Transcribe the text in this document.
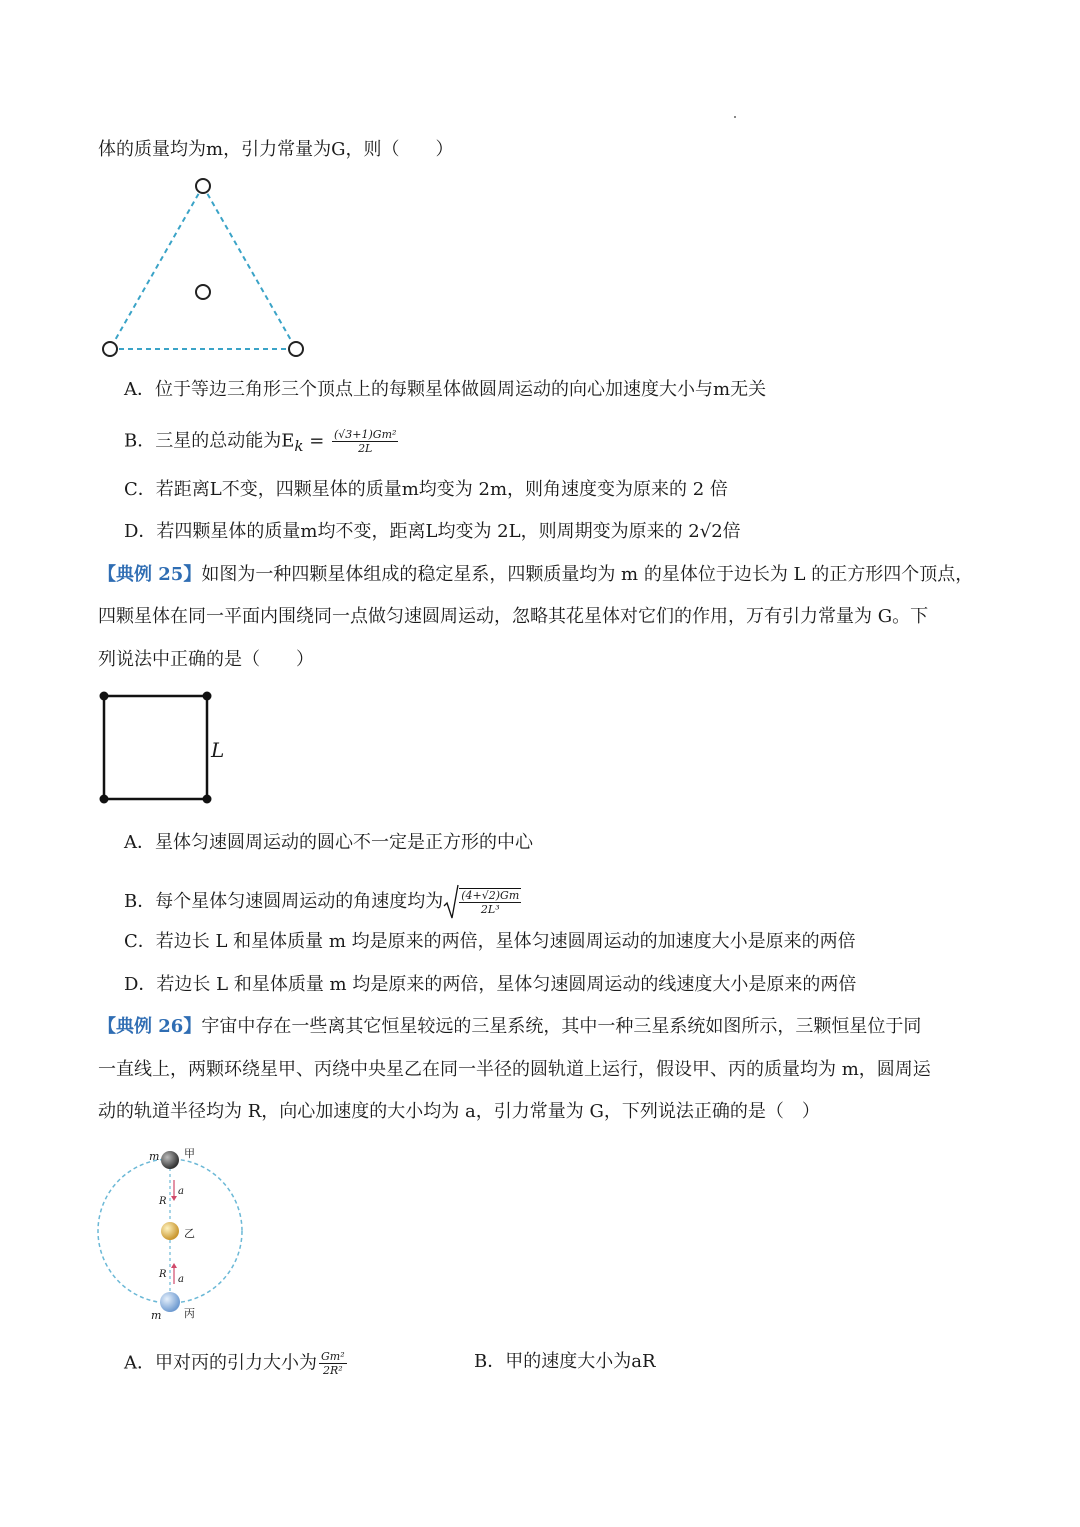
体的质量均为m，引力常量为G，则（　　）
A．位于等边三角形三个顶点上的每颗星体做圆周运动的向心加速度大小与m无关
B．三星的总动能为$E_k = \frac{\text{(√3+1)Gm²}}{2L}$
C．若距离L不变，四颗星体的质量m均变为 2m，则角速度变为原来的 2 倍
D．若四颗星体的质量m均不变，距离L均变为 2L，则周期变为原来的 2√2倍
【典例 25】如图为一种四颗星体组成的稳定星系，四颗质量均为 m 的星体位于边长为 L 的正方形四个顶点，
四颗星体在同一平面内围绕同一点做匀速圆周运动，忽略其花星体对它们的作用，万有引力常量为 G。下
列说法中正确的是（　　）
L
A．星体匀速圆周运动的圆心不一定是正方形的中心
B．每个星体匀速圆周运动的角速度均为 $\frac{(4+√2)Gm}{\text{2L³}}$
C．若边长 L 和星体质量 m 均是原来的两倍，星体匀速圆周运动的加速度大小是原来的两倍
D．若边长 L 和星体质量 m 均是原来的两倍，星体匀速圆周运动的线速度大小是原来的两倍
【典例 26】宇宙中存在一些离其它恒星较远的三星系统，其中一种三星系统如图所示，三颗恒星位于同
一直线上，两颗环绕星甲、丙绕中央星乙在同一半径的圆轨道上运行，假设甲、丙的质量均为 m，圆周运
动的轨道半径均为 R，向心加速度的大小均为 a，引力常量为 G，下列说法正确的是（　）
m 甲
R
a
乙
R a
m 丙
A．甲对丙的引力大小为 $\frac{\text{Gm²}}{\text{2R²}}$	B．甲的速度大小为aR
